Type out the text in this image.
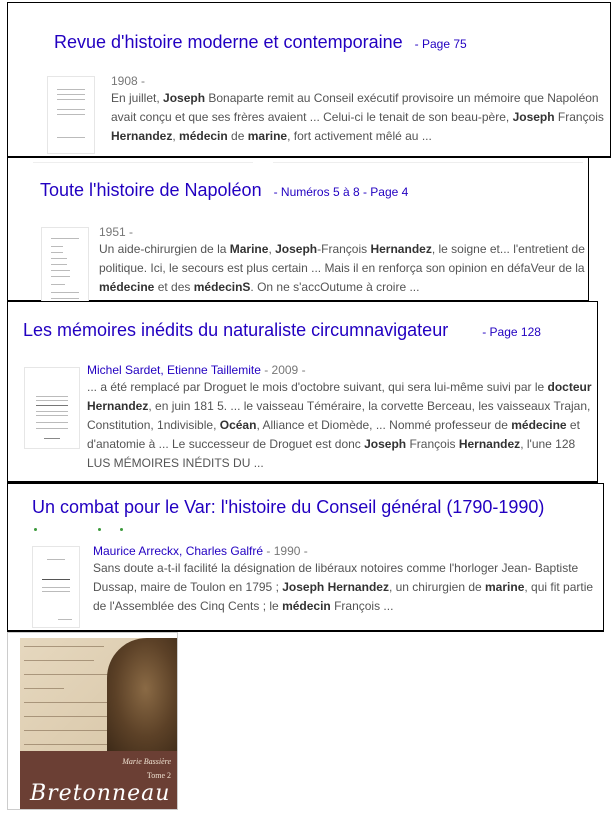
Revue d'histoire moderne et contemporaine - Page 75
1908 -
En juillet, Joseph Bonaparte remit au Conseil exécutif provisoire un mémoire que Napoléon avait conçu et que ses frères avaient ... Celui-ci le tenait de son beau-père, Joseph François Hernandez, médecin de marine, fort activement mêlé au ...
Toute l'histoire de Napoléon - Numéros 5 à 8 - Page 4
1951 -
Un aide-chirurgien de la Marine, Joseph-François Hernandez, le soigne et... l'entretient de politique. Ici, le secours est plus certain ... Mais il en renforça son opinion en défaVeur de la médecine et des médecinS. On ne s'accOutume à croire ...
Les mémoires inédits du naturaliste circumnavigateur	- Page 128
Michel Sardet, Etienne Taillemite - 2009 -
... a été remplacé par Droguet le mois d'octobre suivant, qui sera lui-même suivi par le docteur Hernandez, en juin 181 5. ... le vaisseau Téméraire, la corvette Berceau, les vaisseaux Trajan, Constitution, 1ndivisible, Océan, Alliance et Diomède, ... Nommé professeur de médecine et d'anatomie à ... Le successeur de Droguet est donc Joseph François Hernandez, l'une 128 LUS MÉMOIRES INÉDITS DU ...
Un combat pour le Var: l'histoire du Conseil général (1790-1990)
Maurice Arreckx, Charles Galfré - 1990 -
Sans doute a-t-il facilité la désignation de libéraux notoires comme l'horloger Jean- Baptiste Dussap, maire de Toulon en 1795 ; Joseph Hernandez, un chirurgien de marine, qui fit partie de l'Assemblée des Cinq Cents ; le médecin François ...
Marie Bassière
Tome 2
Bretonneau
